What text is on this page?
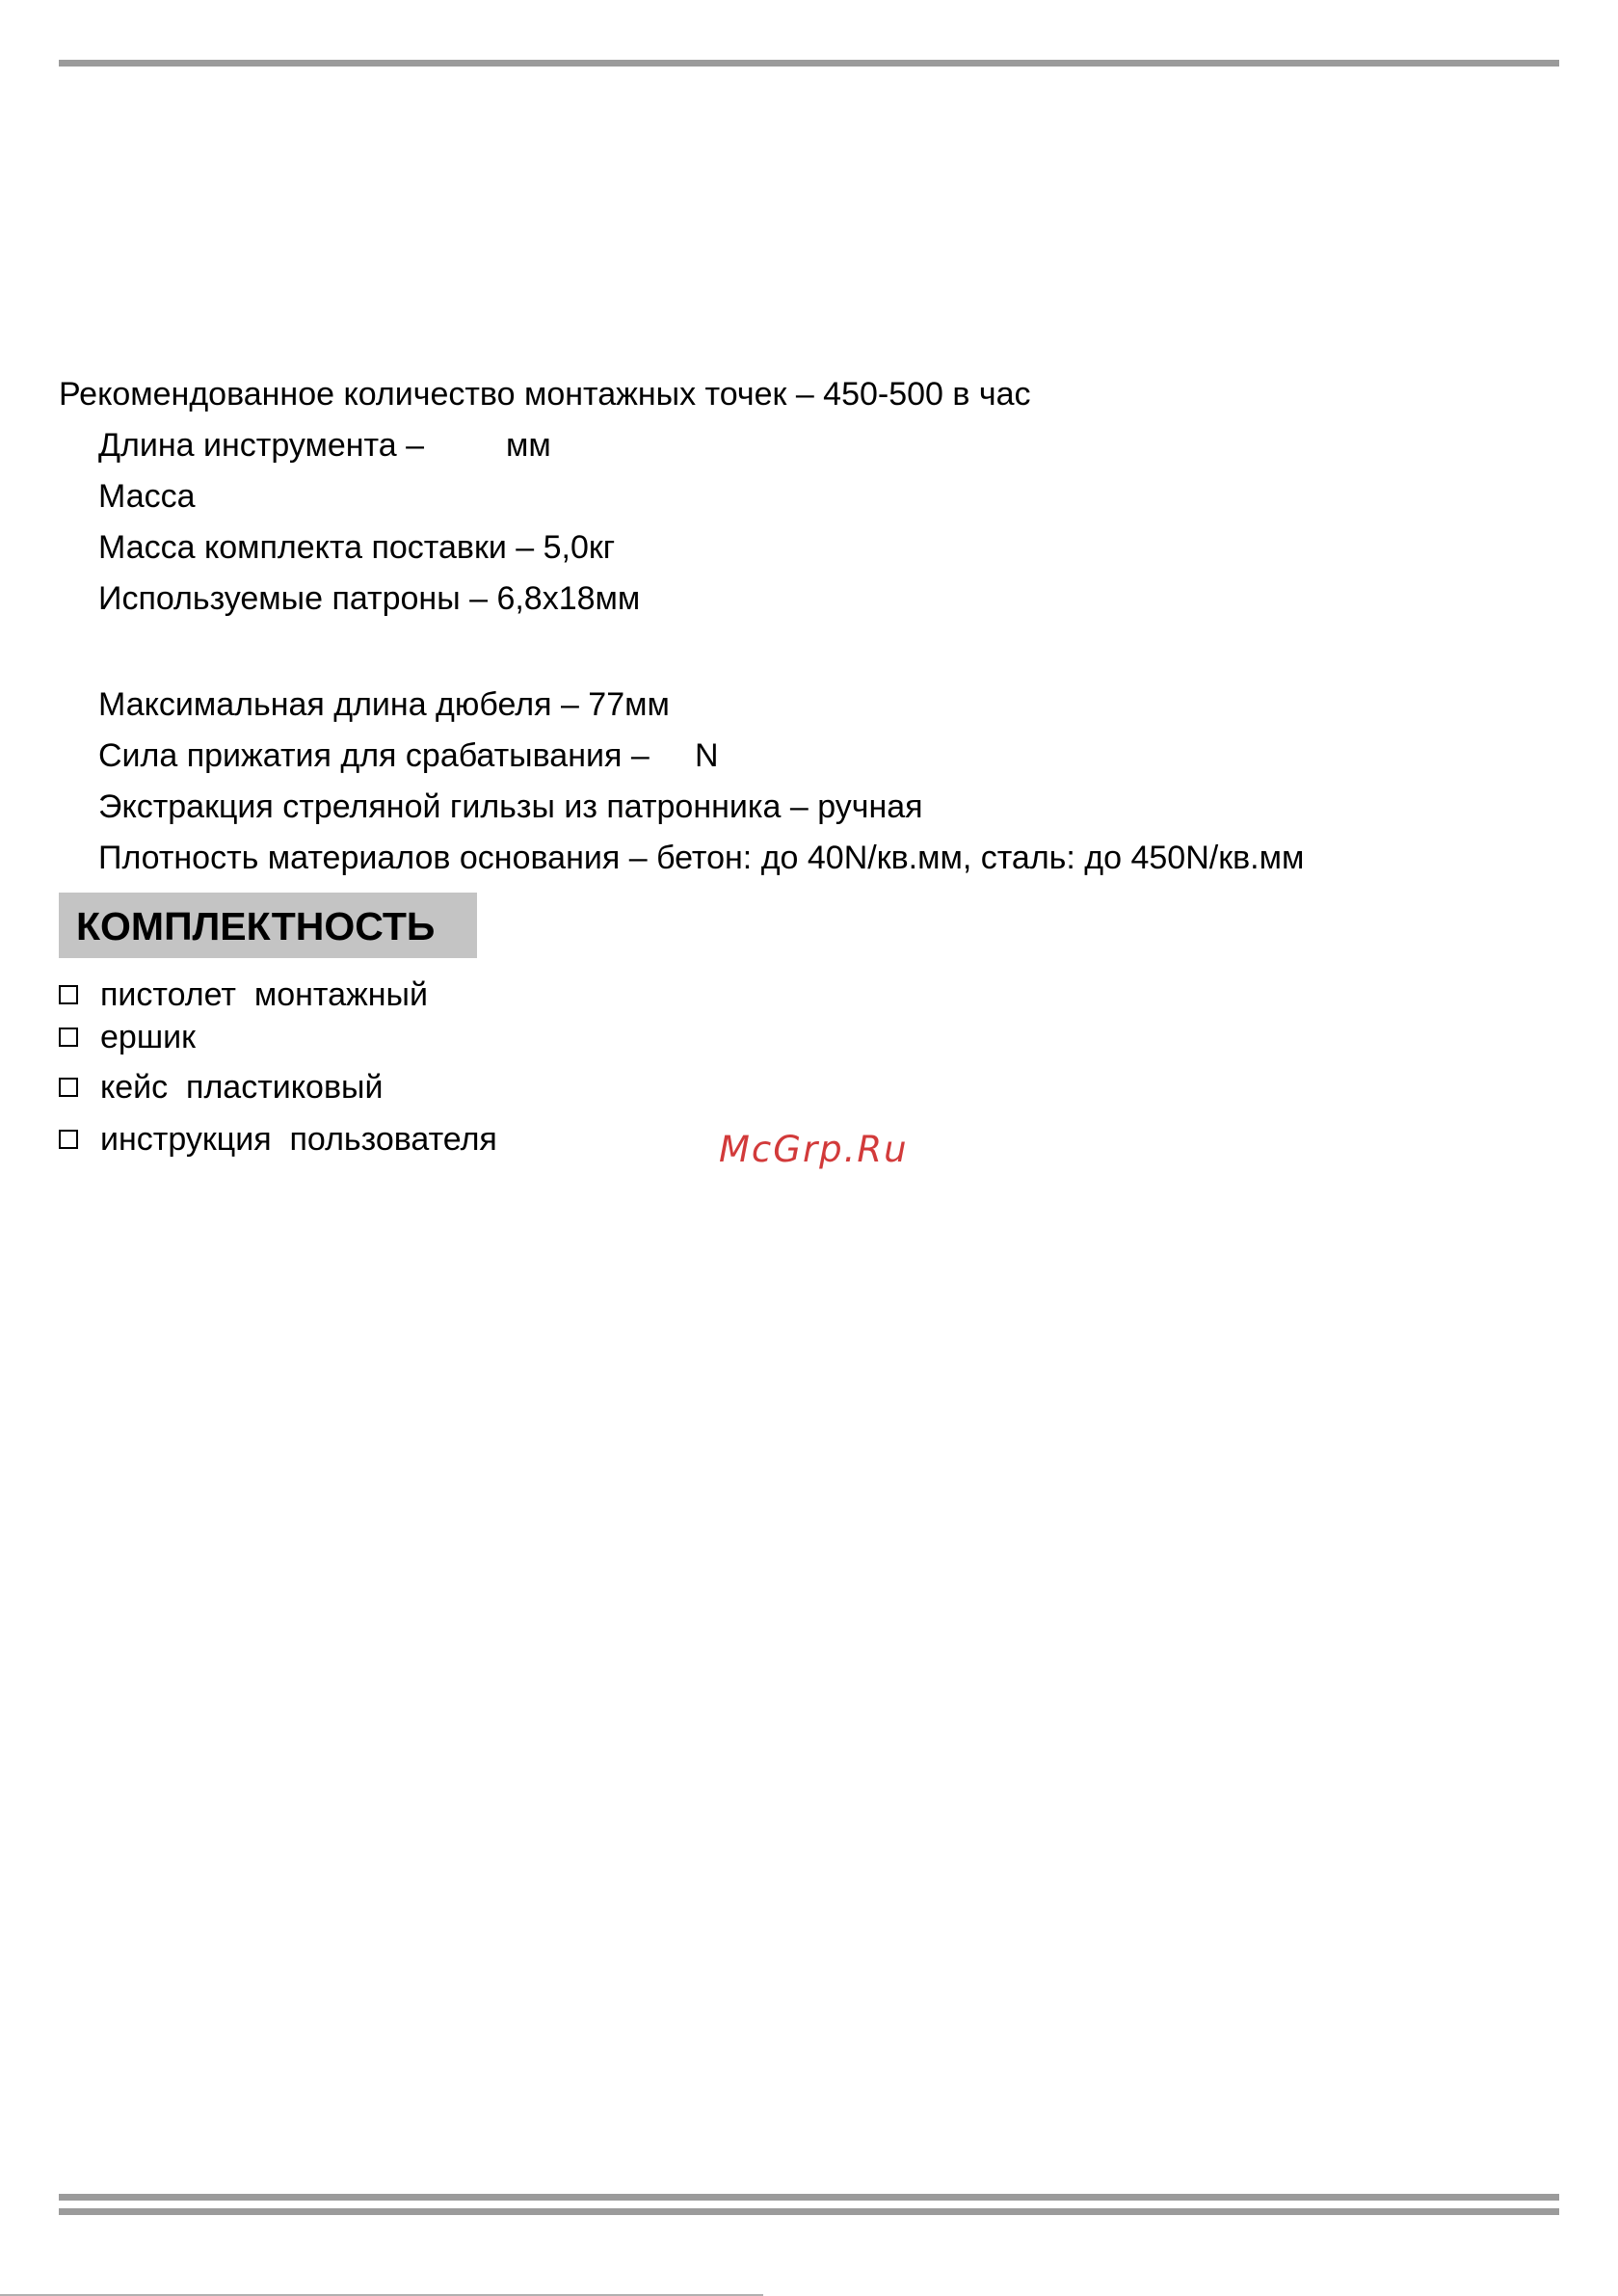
Рекомендованное количество монтажных точек – 450-500 в час
Длина инструмента –         мм
Масса
Масса комплекта поставки – 5,0кг
Используемые патроны – 6,8x18мм
Максимальная длина дюбеля – 77мм
Сила прижатия для срабатывания –     N
Экстракция стреляной гильзы из патронника – ручная
Плотность материалов основания – бетон: до 40N/кв.мм, сталь: до 450N/кв.мм
КОМПЛЕКТНОСТЬ

пистолет  монтажный

ершик

кейс  пластиковый

инструкция  пользователя	McGrp.Ru
